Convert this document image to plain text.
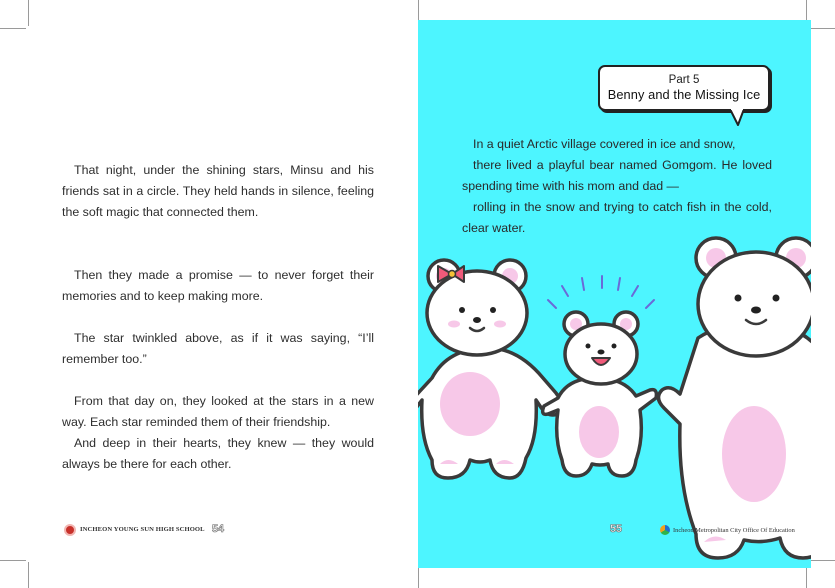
That night, under the shining stars, Minsu and his friends sat in a circle. They held hands in silence, feeling the soft magic that connected them.

Then they made a promise — to never forget their memories and to keep making more.

The star twinkled above, as if it was saying, “I’ll remember too.”

From that day on, they looked at the stars in a new way. Each star reminded them of their friendship.

And deep in their hearts, they knew — they would always be there for each other.

INCHEON YOUNG SUN HIGH SCHOOL 54
Part 5
Benny and the Missing Ice

In a quiet Arctic village covered in ice and snow,

there lived a playful bear named Gomgom. He loved spending time with his mom and dad —

rolling in the snow and trying to catch fish in the cold, clear water.

55	Incheon Metropolitan City Office Of Education
